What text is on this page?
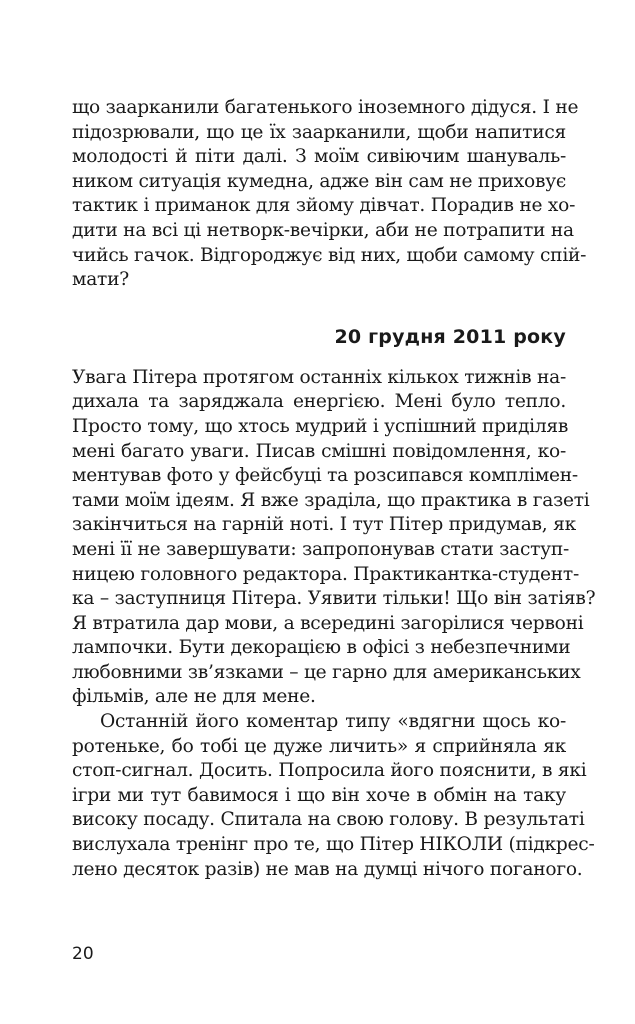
що заарканили багатенького іноземного дідуся. І не
підозрювали, що це їх заарканили, щоби напитися
молодості й піти далі. З моїм сивіючим шануваль-
ником ситуація кумедна, адже він сам не приховує
тактик і приманок для зйому дівчат. Порадив не хо-
дити на всі ці нетворк-вечірки, аби не потрапити на
чийсь гачок. Відгороджує від них, щоби самому спій-
мати?
20 грудня 2011 року
Увага Пітера протягом останніх кількох тижнів на-
дихала та заряджала енергією. Мені було тепло.
Просто тому, що хтось мудрий і успішний приділяв
мені багато уваги. Писав смішні повідомлення, ко-
ментував фото у фейсбуці та розсипався комплімен-
тами моїм ідеям. Я вже зраділа, що практика в газеті
закінчиться на гарній ноті. І тут Пітер придумав, як
мені її не завершувати: запропонував стати заступ-
ницею головного редактора. Практикантка-студент-
ка – заступниця Пітера. Уявити тільки! Що він затіяв?
Я втратила дар мови, а всередині загорілися червоні
лампочки. Бути декорацією в офісі з небезпечними
любовними зв’язками – це гарно для американських
фільмів, але не для мене.
Останній його коментар типу «вдягни щось ко-
ротеньке, бо тобі це дуже личить» я сприйняла як
стоп-сигнал. Досить. Попросила його пояснити, в які
ігри ми тут бавимося і що він хоче в обмін на таку
високу посаду. Спитала на свою голову. В результаті
вислухала тренінг про те, що Пітер НІКОЛИ (підкрес-
лено десяток разів) не мав на думці нічого поганого.
20
